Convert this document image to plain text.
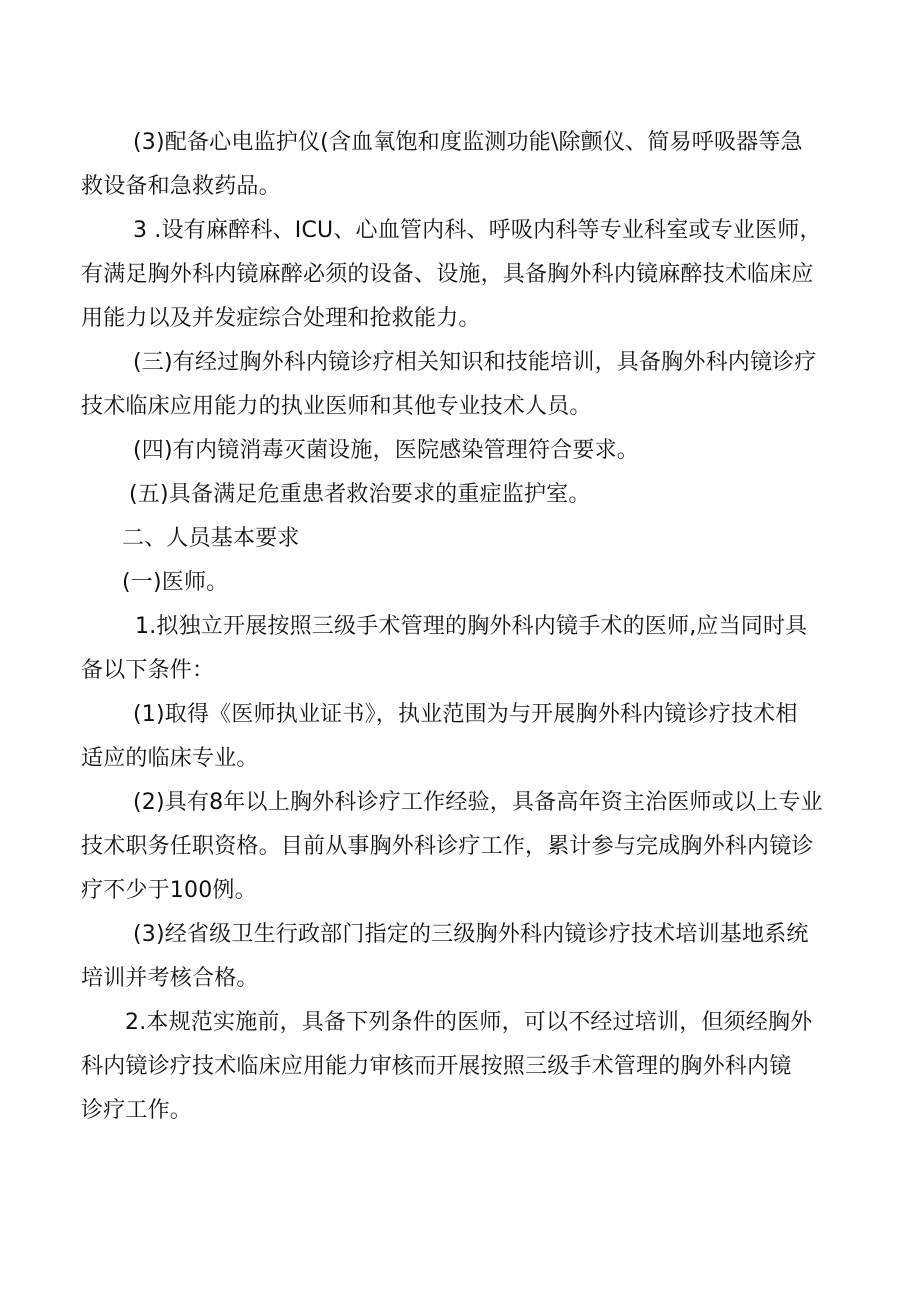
(3)配备心电监护仪(含血氧饱和度监测功能\除颤仪、简易呼吸器等急
救设备和急救药品。
3 .设有麻醉科、ICU、心血管内科、呼吸内科等专业科室或专业医师，
有满足胸外科内镜麻醉必须的设备、设施，具备胸外科内镜麻醉技术临床应
用能力以及并发症综合处理和抢救能力。
(三)有经过胸外科内镜诊疗相关知识和技能培训，具备胸外科内镜诊疗
技术临床应用能力的执业医师和其他专业技术人员。
(四)有内镜消毒灭菌设施，医院感染管理符合要求。
(五)具备满足危重患者救治要求的重症监护室。
二、人员基本要求
(一)医师。
1.拟独立开展按照三级手术管理的胸外科内镜手术的医师,应当同时具
备以下条件：
(1)取得《医师执业证书》，执业范围为与开展胸外科内镜诊疗技术相
适应的临床专业。
(2)具有8年以上胸外科诊疗工作经验，具备高年资主治医师或以上专业
技术职务任职资格。目前从事胸外科诊疗工作，累计参与完成胸外科内镜诊
疗不少于100例。
(3)经省级卫生行政部门指定的三级胸外科内镜诊疗技术培训基地系统
培训并考核合格。
2.本规范实施前，具备下列条件的医师，可以不经过培训，但须经胸外
科内镜诊疗技术临床应用能力审核而开展按照三级手术管理的胸外科内镜
诊疗工作。
